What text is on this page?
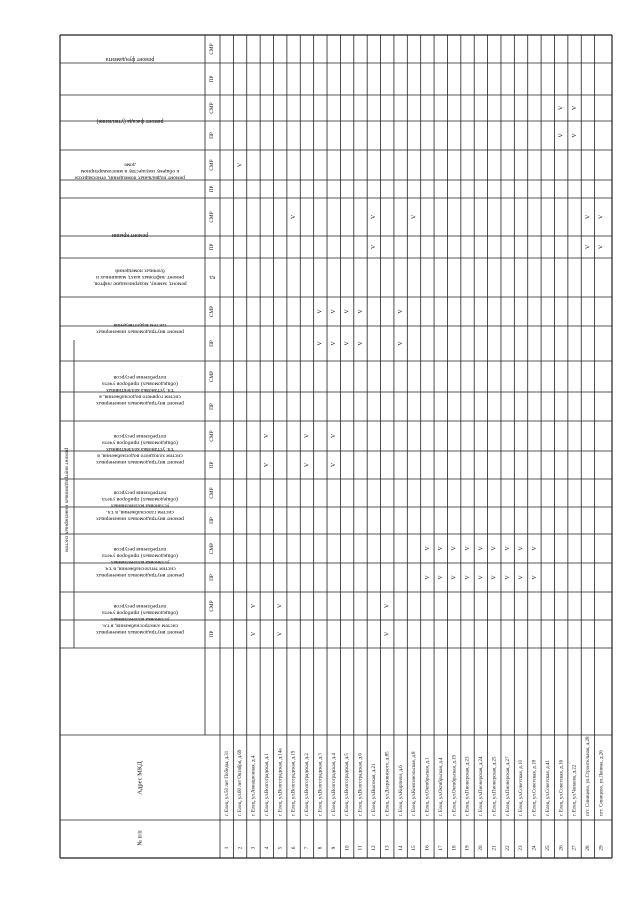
ремонт внутридомовых инженерных систем
ремонт внутридомовых инженерныхсистем электроснабжения, в т.ч.установка коллективных(общедомовых) приборов учетапотребления ресурсов
ремонт внутридомовых инженерныхсистем теплоснабжения, в т.ч.установка коллективных(общедомовых) приборов учетапотребления ресурсов
ремонт внутридомовых инженерныхсистем газоснабжения, в т.ч.установка коллективных(общедомовых) приборов учетапотребления ресурсов
ремонт внутридомовых инженерныхсистем холодного водоснабжения, вт.ч. установка коллективных(общедомовых) приборов учетапотребления ресурсов
ремонт внутридомовых инженерныхсистем горячего водоснабжения, вт.ч. установка коллективных(общедомовых) приборов учетапотребления ресурсов
ремонт внутридомовых инженерныхсистем водоотведения
ремонт, замену, модернизацию лифтов,ремонт лифтовых шахт, машинных иблочных помещений
ед.
ремонт крыши
ремонт подвальных помещений, относящихсяк общему имуществу в многоквартирномдоме
ремонт фасада (утепление)
ремонт фундамента
ПР
СМР
ПР
СМР
ПР
СМР
ПР
СМР
ПР
СМР
ПР
СМР
ПР
СМР
ПР
СМР
ПР
СМР
ПР
СМР
Адрес МКД
№ п/п
1
г. Елец, ул.50 лет Победы, д.31
2
г. Елец, ул.60 лет Октября, д.69
V
3
г. Елец, ул.Авиационная, д.4
V
V
4
г. Елец, ул.Волгоградская, д.1
V
V
5
г. Елец, ул.Волгоградская, д.14а
V
V
6
г. Елец, ул.Волгоградская, д.19
V
7
г. Елец, ул.Волгоградская, д.2
V
V
8
г. Елец, ул.Волгоградская, д.3
V
V
9
г. Елец, ул.Волгоградская, д.4
V
V
V
V
10
г. Елец, ул.Волгоградская, д.5
V
V
11
г. Елец, ул.Волгоградская, д.6
V
V
12
г. Елец, ул.Высокая, д.21
V
V
13
г. Елец, ул.Дзержинского, д.85
V
V
14
г. Елец, ул.Кирпичн, д.6
V
V
15
г. Елец, ул.Комсомольская, д.8
V
16
г. Елец, ул.Октябрьская, д.1
V
V
17
г. Елец, ул.Октябрьская, д.4
V
V
18
г. Елец, ул.Октябрьская, д.19
V
V
19
г. Елец, ул.Пионерская, д.23
V
V
20
г. Елец, ул.Пионерская, д.24
V
V
21
г. Елец, ул.Пионерская, д.25
V
V
22
г. Елец, ул.Пионерская, д.27
V
V
23
г. Елец, ул.Советская, д.10
V
V
24
г. Елец, ул.Советская, д.18
V
V
25
г. Елец, ул.Советская, д.41
26
г. Елец, ул.Советская, д.16
V
V
27
г. Елец, ул.Чапаева, д.22
V
V
28
пгт. Синицево, ул.Строительная, д.28
V
V
29
пгт. Синицево, ул.Ленина, д.26
V
V
